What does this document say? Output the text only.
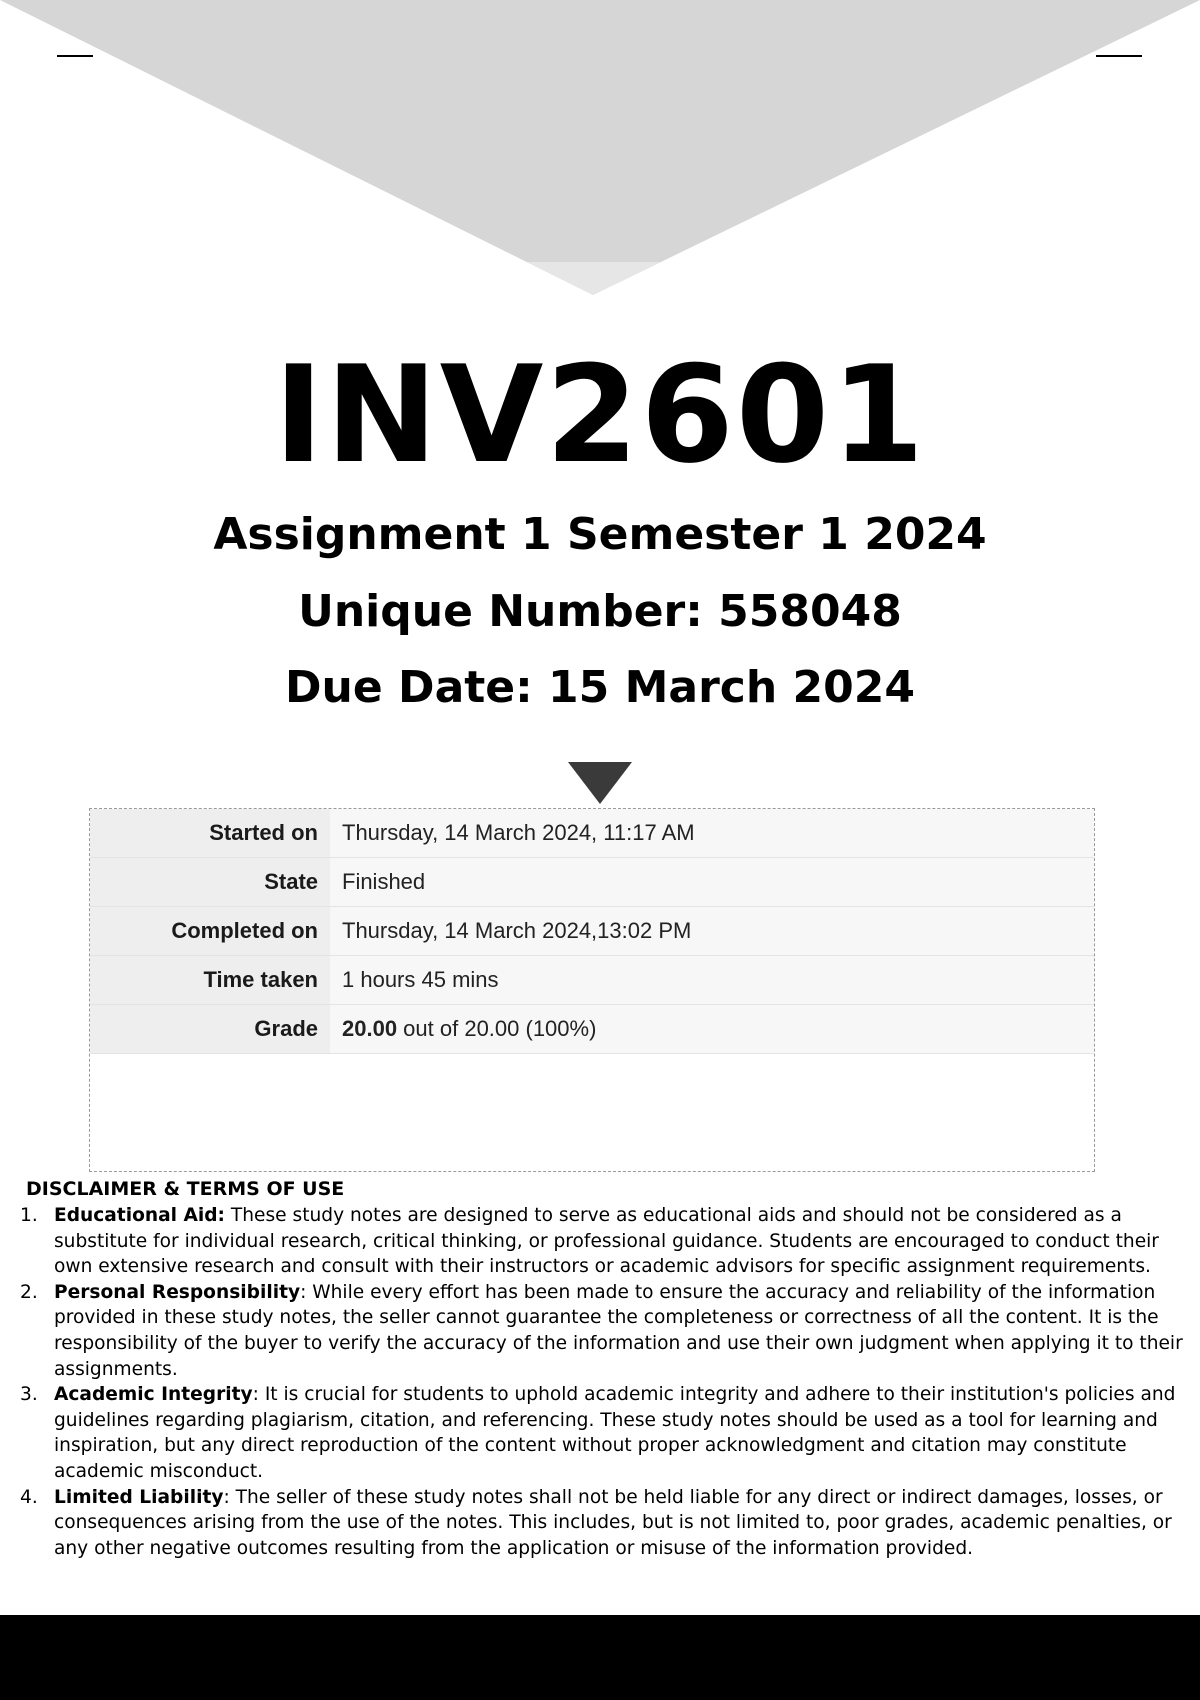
INV2601
Assignment 1 Semester 1 2024
Unique Number: 558048
Due Date: 15 March 2024
Started on	Thursday, 14 March 2024, 11:17 AM
State	Finished
Completed on	Thursday, 14 March 2024,13:02 PM
Time taken	1 hours 45 mins
Grade	20.00 out of 20.00 (100%)
DISCLAIMER & TERMS OF USE
1. Educational Aid: These study notes are designed to serve as educational aids and should not be considered as a substitute for individual research, critical thinking, or professional guidance. Students are encouraged to conduct their own extensive research and consult with their instructors or academic advisors for specific assignment requirements.
2. Personal Responsibility: While every effort has been made to ensure the accuracy and reliability of the information provided in these study notes, the seller cannot guarantee the completeness or correctness of all the content. It is the responsibility of the buyer to verify the accuracy of the information and use their own judgment when applying it to their assignments.
3. Academic Integrity: It is crucial for students to uphold academic integrity and adhere to their institution's policies and guidelines regarding plagiarism, citation, and referencing. These study notes should be used as a tool for learning and inspiration, but any direct reproduction of the content without proper acknowledgment and citation may constitute academic misconduct.
4. Limited Liability: The seller of these study notes shall not be held liable for any direct or indirect damages, losses, or consequences arising from the use of the notes. This includes, but is not limited to, poor grades, academic penalties, or any other negative outcomes resulting from the application or misuse of the information provided.
